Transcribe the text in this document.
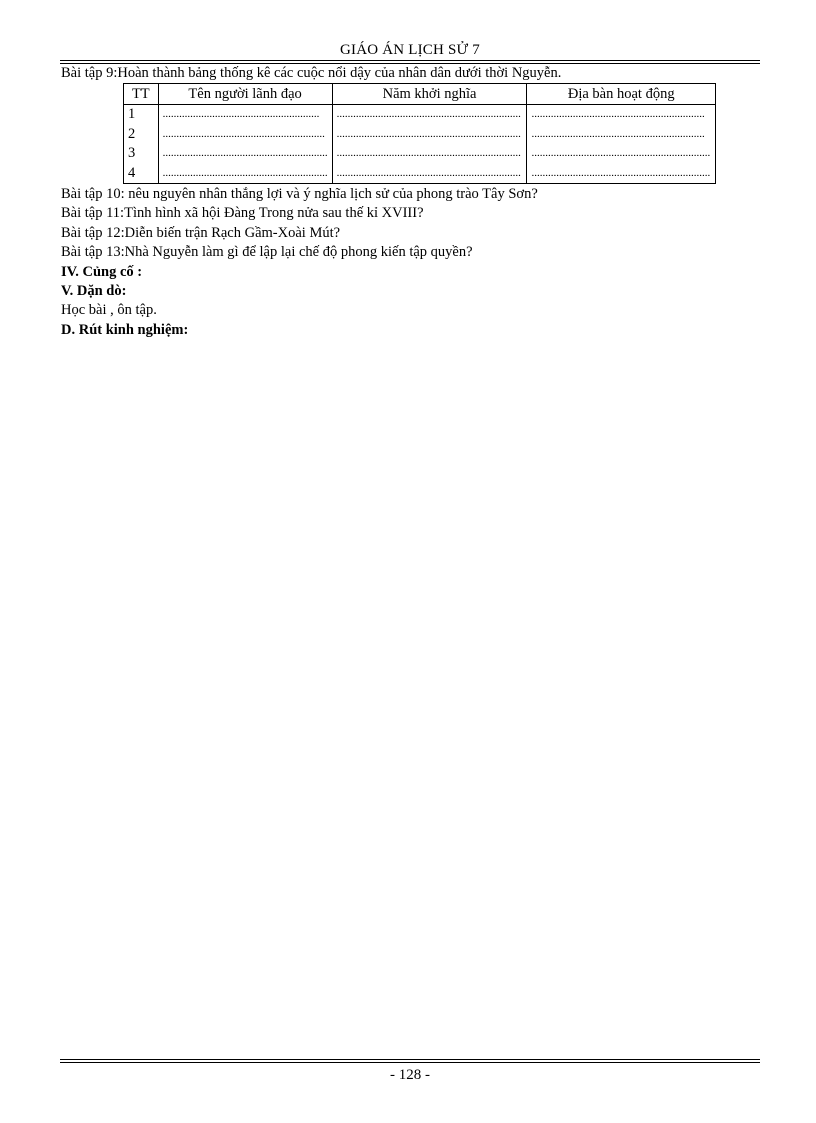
GIÁO ÁN LỊCH SỬ 7

Bài tập 9:Hoàn thành bảng thống kê các cuộc nổi dậy của nhân dân dưới thời Nguyễn.

TT	Tên người lãnh đạo	Năm khởi nghĩa	Địa bàn hoạt động
1	.........................................................	...................................................................	...............................................................
2	...........................................................	...................................................................	...............................................................
3	............................................................	...................................................................	.................................................................
4	............................................................	...................................................................	.................................................................

Bài tập 10: nêu nguyên nhân thắng lợi và ý nghĩa lịch sử của phong trào Tây Sơn?

Bài tập 11:Tình hình xã hội Đàng Trong nửa sau thế kỉ XVIII?

Bài tập 12:Diễn biến trận Rạch Gầm-Xoài Mút?

Bài tập 13:Nhà Nguyễn làm gì để lập lại chế độ phong kiến tập quyền?

IV. Củng cố :

V. Dặn dò:

Học bài , ôn tập.

D. Rút kinh nghiệm:

- 128 -
